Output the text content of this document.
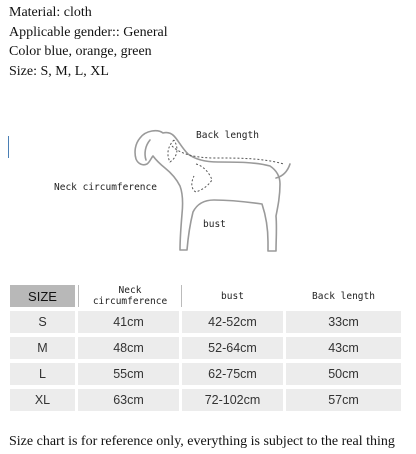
Material: cloth
Applicable gender:: General
Color blue, orange, green
Size: S, M, L, XL
Back length
Neck circumference
bust
SIZE	Neck circumference	bust	Back length
S	41cm	42-52cm	33cm
M	48cm	52-64cm	43cm
L	55cm	62-75cm	50cm
XL	63cm	72-102cm	57cm
Size chart is for reference only, everything is subject to the real thing
